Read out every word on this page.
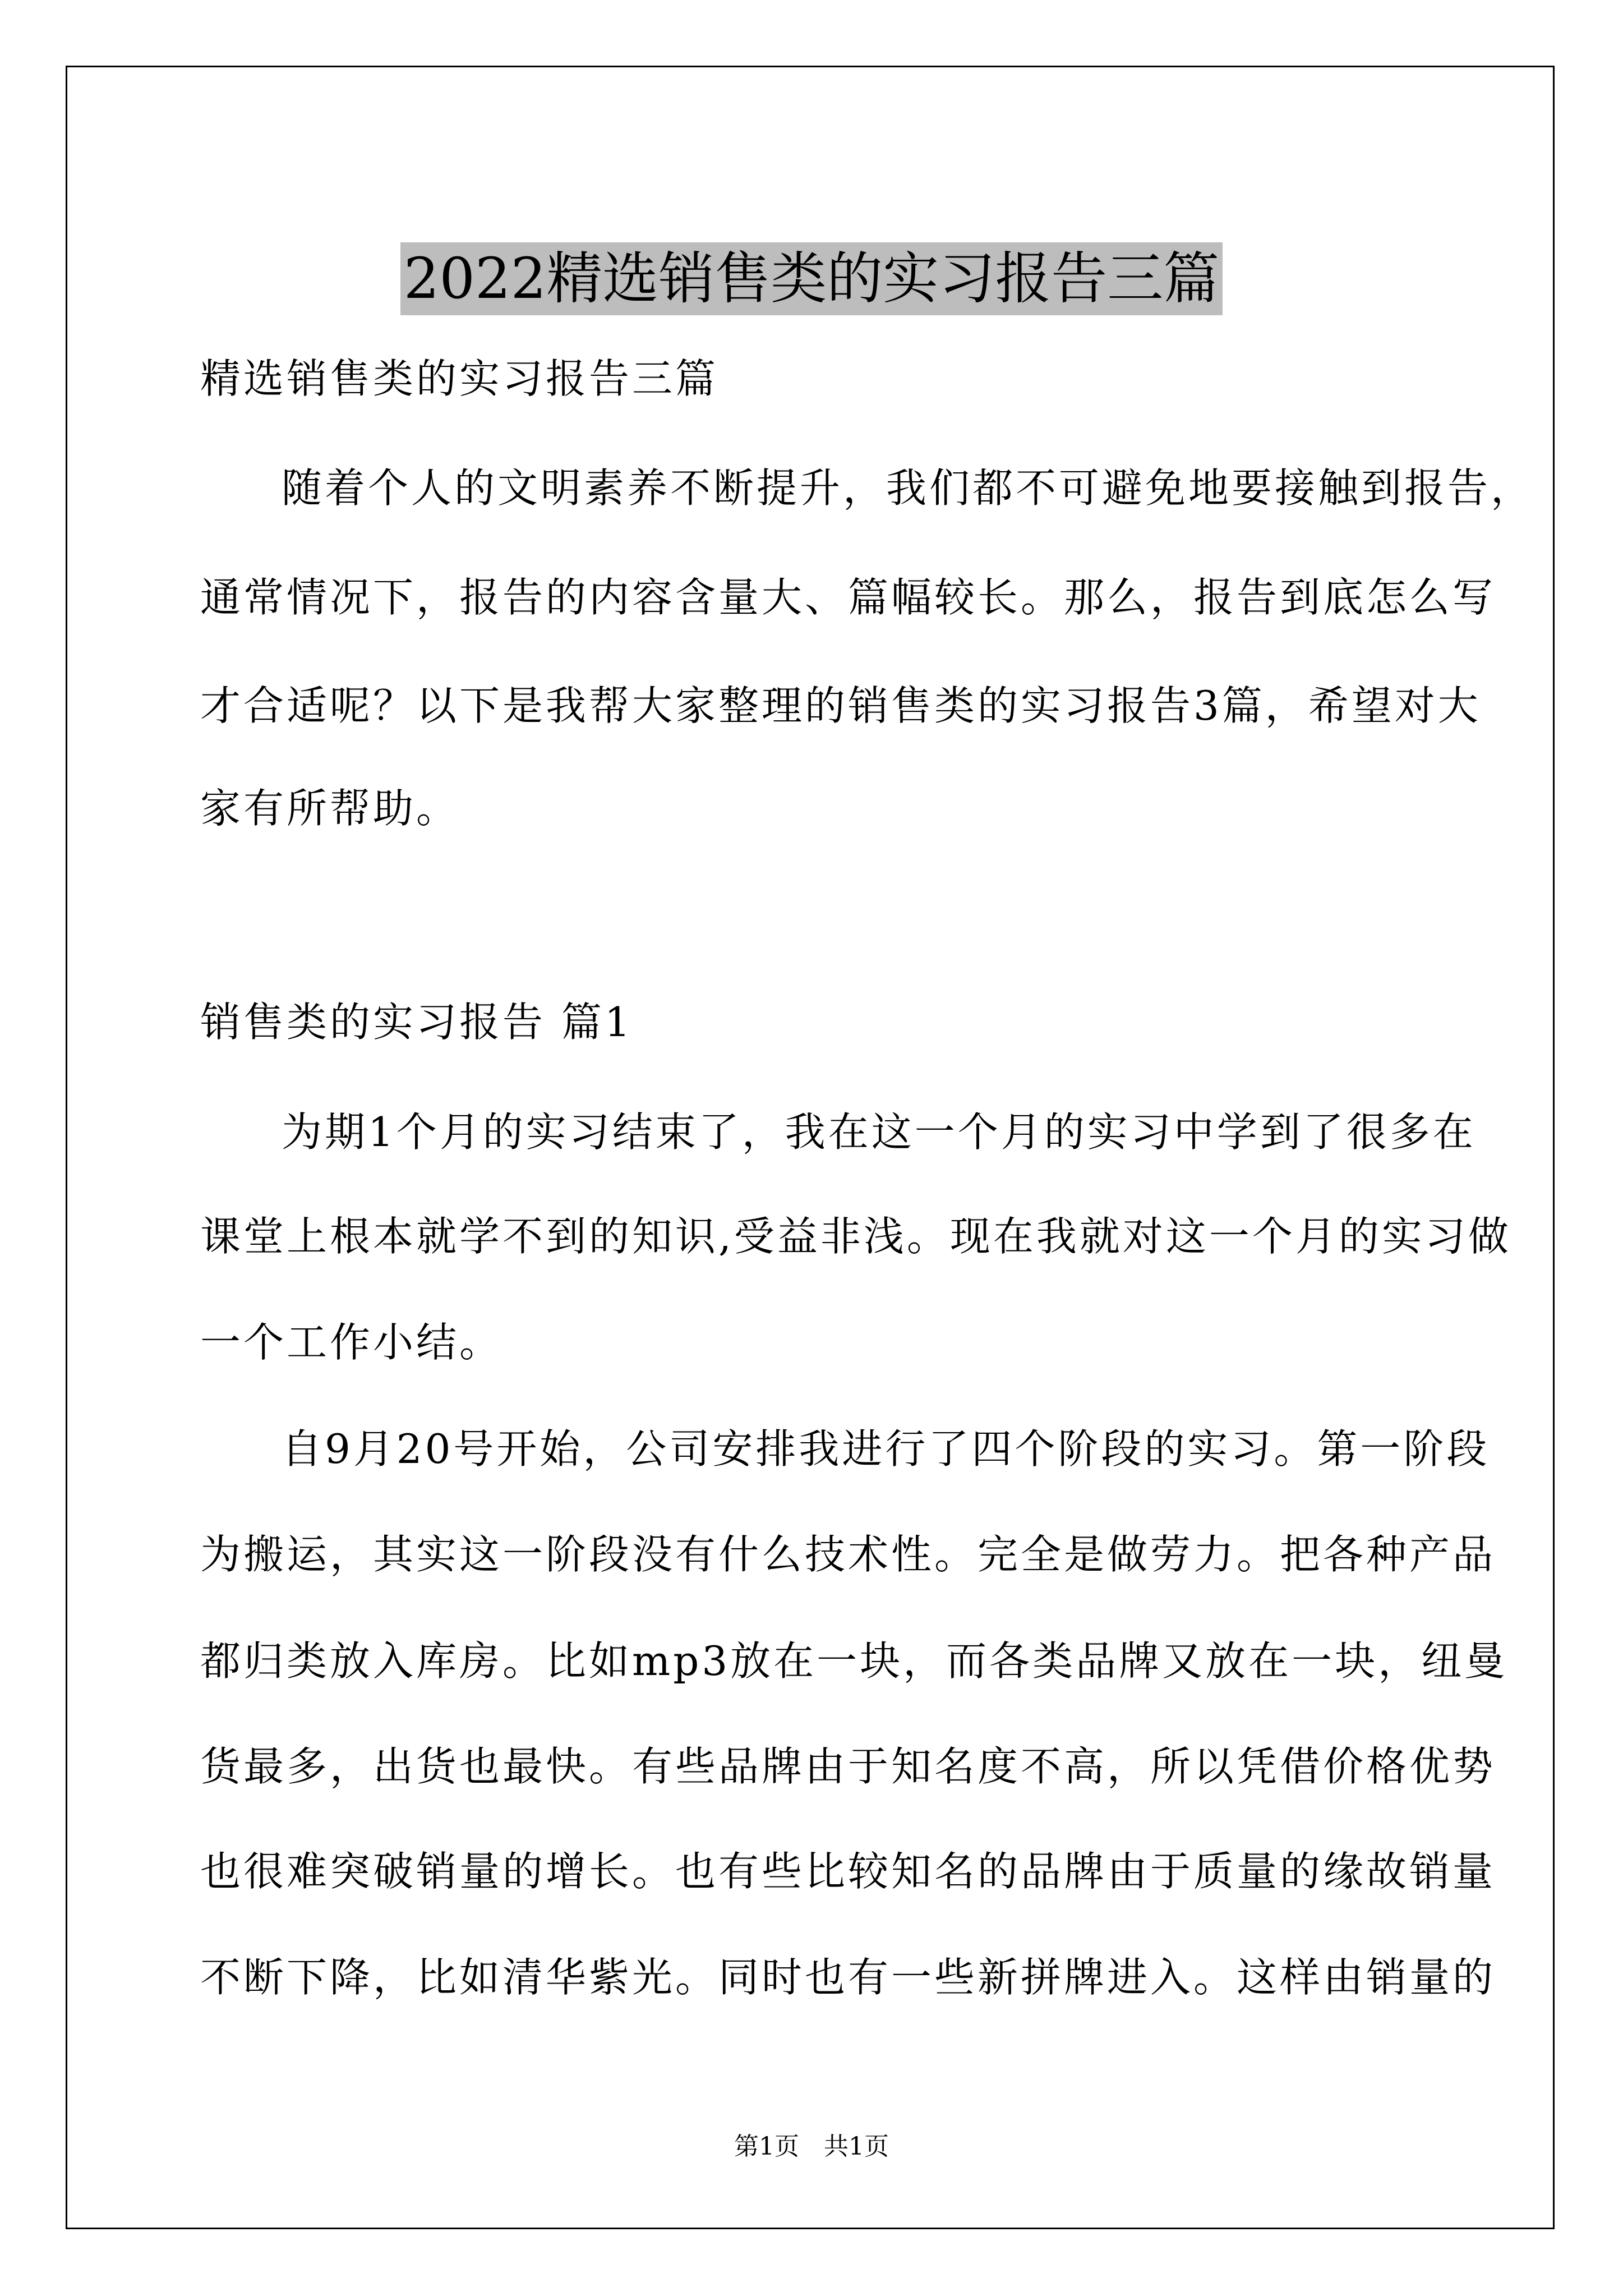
2022精选销售类的实习报告三篇

精选销售类的实习报告三篇

随着个人的文明素养不断提升，我们都不可避免地要接触到报告，

通常情况下，报告的内容含量大、篇幅较长。那么，报告到底怎么写

才合适呢？以下是我帮大家整理的销售类的实习报告3篇，希望对大

家有所帮助。

销售类的实习报告 篇1

为期1个月的实习结束了，我在这一个月的实习中学到了很多在

课堂上根本就学不到的知识,受益非浅。现在我就对这一个月的实习做

一个工作小结。

自9月20号开始，公司安排我进行了四个阶段的实习。第一阶段

为搬运，其实这一阶段没有什么技术性。完全是做劳力。把各种产品

都归类放入库房。比如mp3放在一块，而各类品牌又放在一块，纽曼

货最多，出货也最快。有些品牌由于知名度不高，所以凭借价格优势

也很难突破销量的增长。也有些比较知名的品牌由于质量的缘故销量

不断下降，比如清华紫光。同时也有一些新拼牌进入。这样由销量的

第1页　共1页
